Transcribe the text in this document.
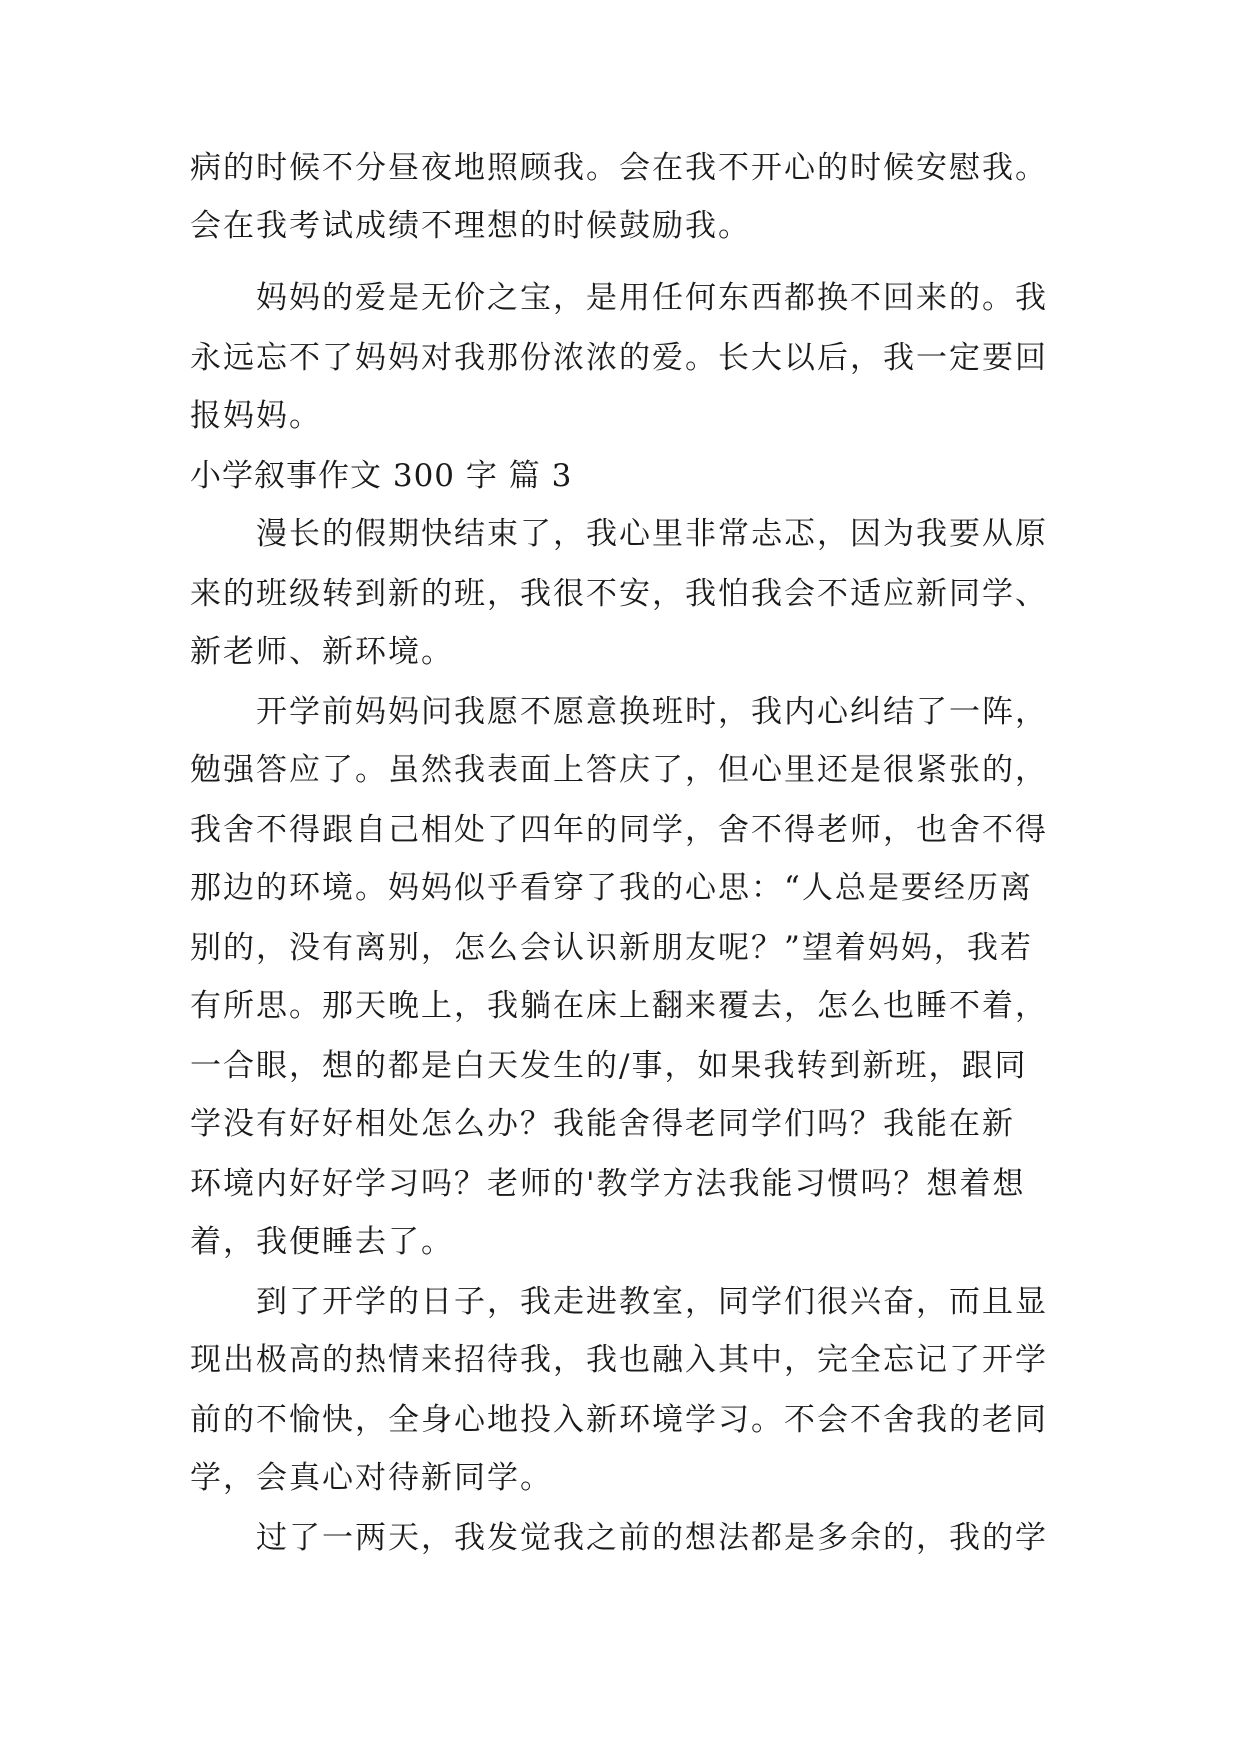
病的时候不分昼夜地照顾我。会在我不开心的时候安慰我。
会在我考试成绩不理想的时候鼓励我。
妈妈的爱是无价之宝，是用任何东西都换不回来的。我
永远忘不了妈妈对我那份浓浓的爱。长大以后，我一定要回
报妈妈。
小学叙事作文 300 字 篇 3
漫长的假期快结束了，我心里非常忐忑，因为我要从原
来的班级转到新的班，我很不安，我怕我会不适应新同学、
新老师、新环境。
开学前妈妈问我愿不愿意换班时，我内心纠结了一阵，
勉强答应了。虽然我表面上答庆了，但心里还是很紧张的，
我舍不得跟自己相处了四年的同学，舍不得老师，也舍不得
那边的环境。妈妈似乎看穿了我的心思：“人总是要经历离
别的，没有离别，怎么会认识新朋友呢？”望着妈妈，我若
有所思。那天晚上，我躺在床上翻来覆去，怎么也睡不着，
一合眼，想的都是白天发生的/事，如果我转到新班，跟同
学没有好好相处怎么办？我能舍得老同学们吗？我能在新
环境内好好学习吗？老师的'教学方法我能习惯吗？想着想
着，我便睡去了。
到了开学的日子，我走进教室，同学们很兴奋，而且显
现出极高的热情来招待我，我也融入其中，完全忘记了开学
前的不愉快，全身心地投入新环境学习。不会不舍我的老同
学，会真心对待新同学。
过了一两天，我发觉我之前的想法都是多余的，我的学
